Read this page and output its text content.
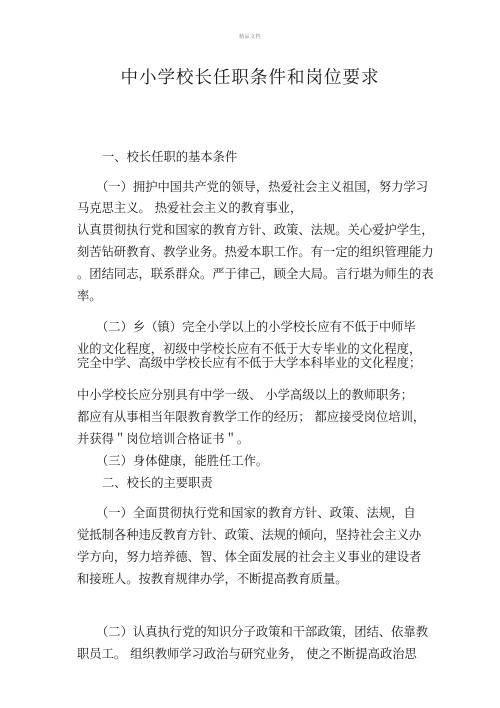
精品文档
中小学校长任职条件和岗位要求
一、校长任职的基本条件
（一）拥护中国共产党的领导，热爱社会主义祖国，努力学习
马克思主义。 热爱社会主义的教育事业，
认真贯彻执行党和国家的教育方针、政策、法规。关心爱护学生，
刻苦钻研教育、教学业务。热爱本职工作。有一定的组织管理能力
。团结同志，联系群众。严于律己，顾全大局。言行堪为师生的表
率。
（二）乡（镇）完全小学以上的小学校长应有不低于中师毕
业的文化程度，初级中学校长应有不低于大专毕业的文化程度，
完全中学、高级中学校长应有不低于大学本科毕业的文化程度；
中小学校长应分别具有中学一级、 小学高级以上的教师职务；
都应有从事相当年限教育教学工作的经历； 都应接受岗位培训，
并获得＂岗位培训合格证书＂。
（三）身体健康，能胜任工作。
二、校长的主要职责
（一）全面贯彻执行党和国家的教育方针、政策、法规，自
觉抵制各种违反教育方针、政策、法规的倾向，坚持社会主义办
学方向，努力培养德、智、体全面发展的社会主义事业的建设者
和接班人。按教育规律办学，不断提高教育质量。
（二）认真执行党的知识分子政策和干部政策，团结、依靠教
职员工。 组织教师学习政治与研究业务， 使之不断提高政治思
